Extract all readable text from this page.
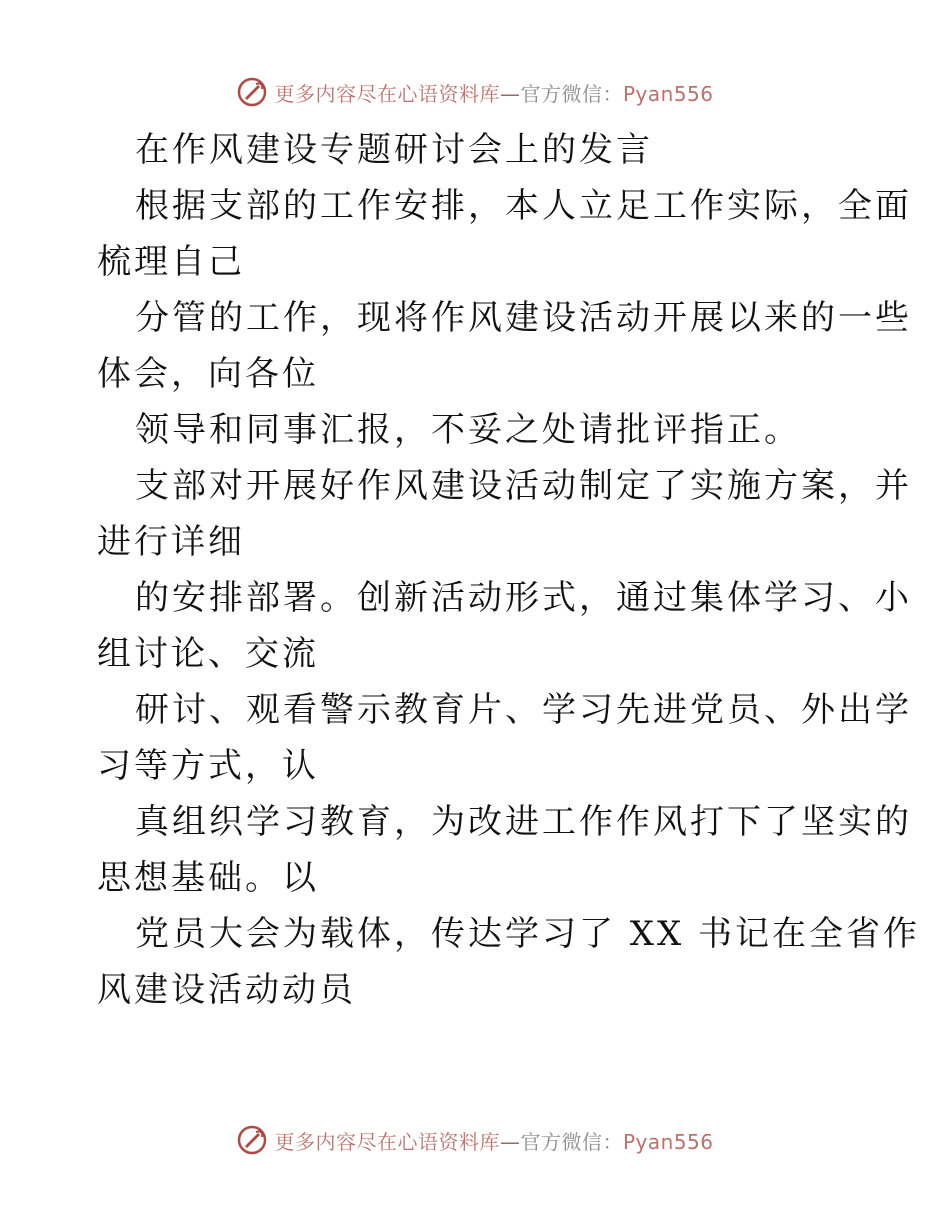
更多内容尽在心语资料库—官方微信：Pyan556
在作风建设专题研讨会上的发言
根据支部的工作安排，本人立足工作实际，全面
梳理自己
分管的工作，现将作风建设活动开展以来的一些
体会，向各位
领导和同事汇报，不妥之处请批评指正。
支部对开展好作风建设活动制定了实施方案，并
进行详细
的安排部署。创新活动形式，通过集体学习、小
组讨论、交流
研讨、观看警示教育片、学习先进党员、外出学
习等方式，认
真组织学习教育，为改进工作作风打下了坚实的
思想基础。以
党员大会为载体，传达学习了 XX 书记在全省作
风建设活动动员
更多内容尽在心语资料库—官方微信：Pyan556
